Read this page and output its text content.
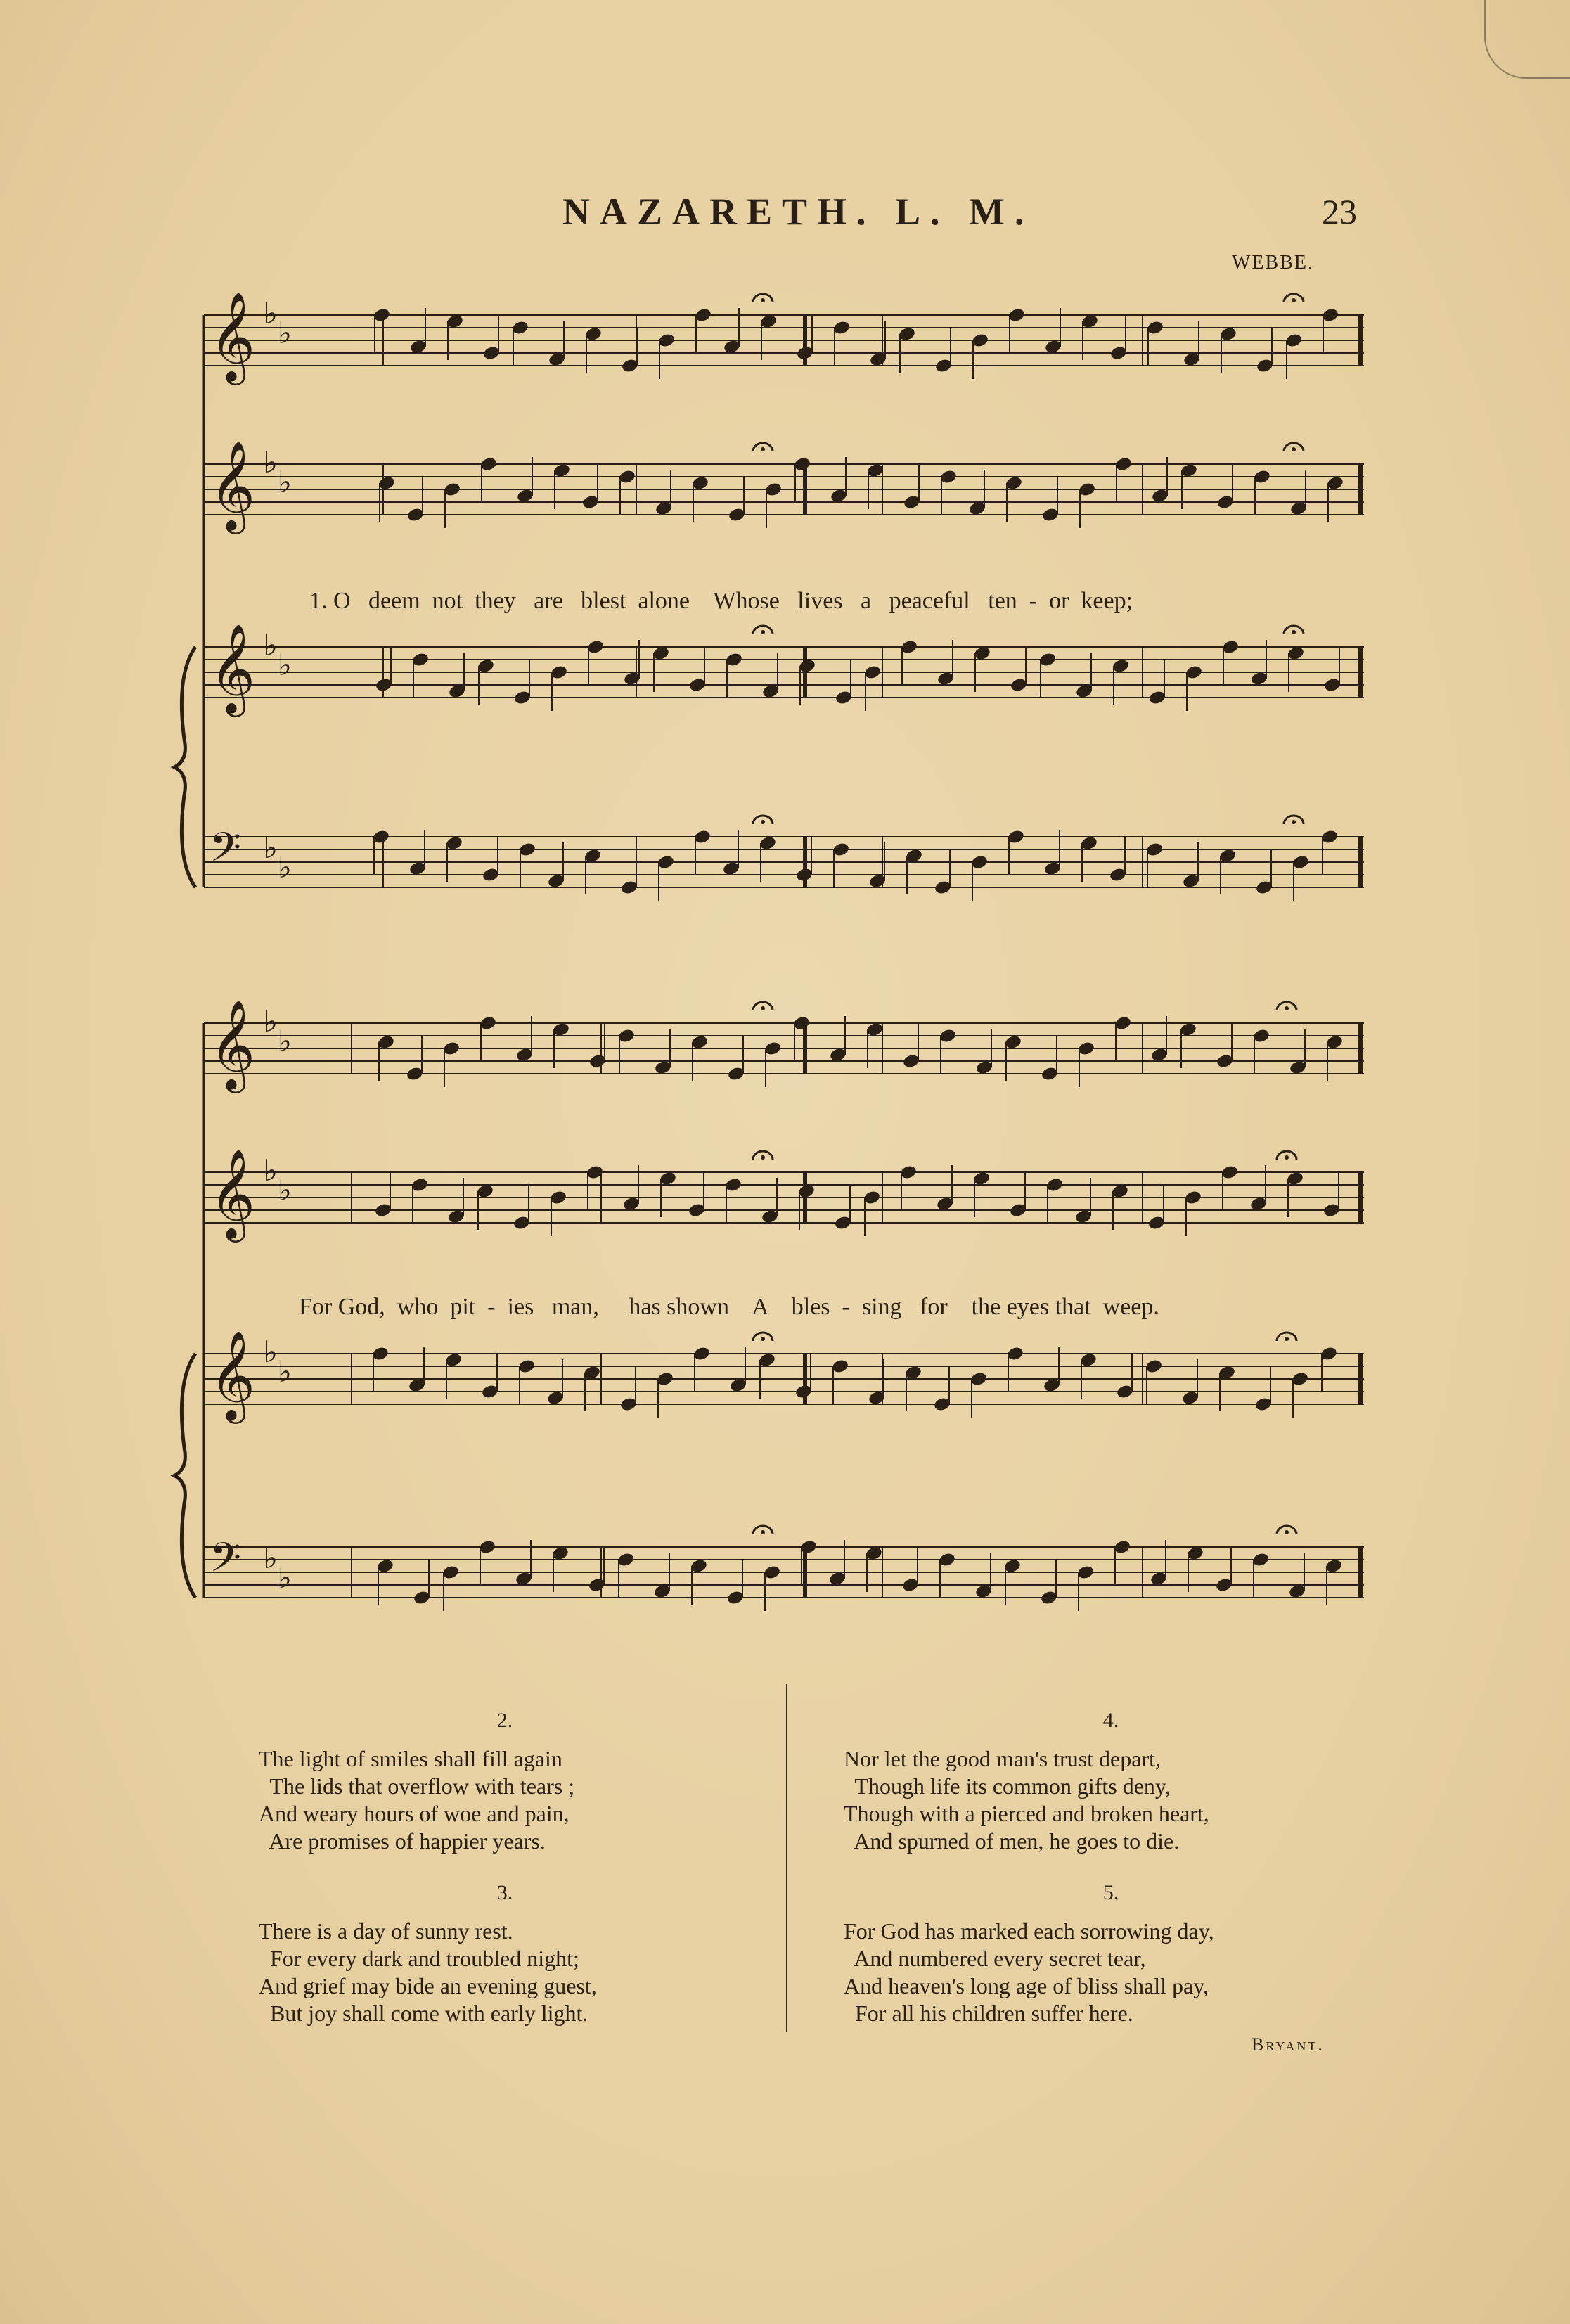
NAZARETH. L. M.	23
WEBBE.
𝄞 ♭
♭
𝄞 ♭
♭
𝄞 ♭
♭
𝄢 ♭
♭
𝄞 ♭
♭
𝄞 ♭
♭
𝄞 ♭
♭
𝄢 ♭
♭
1. O   deem  not  they   are   blest  alone    Whose   lives   a   peaceful   ten  -  or  keep;
For God,  who  pit  -  ies   man,     has shown    A    bles  -  sing   for    the eyes that  weep.
2.
The light of smiles shall fill again
The lids that overflow with tears ;
And weary hours of woe and pain,
Are promises of happier years.
3.
There is a day of sunny rest.
For every dark and troubled night;
And grief may bide an evening guest,
But joy shall come with early light.
4.
Nor let the good man's trust depart,
Though life its common gifts deny,
Though with a pierced and broken heart,
And spurned of men, he goes to die.
5.
For God has marked each sorrowing day,
And numbered every secret tear,
And heaven's long age of bliss shall pay,
For all his children suffer here.
Bryant.
